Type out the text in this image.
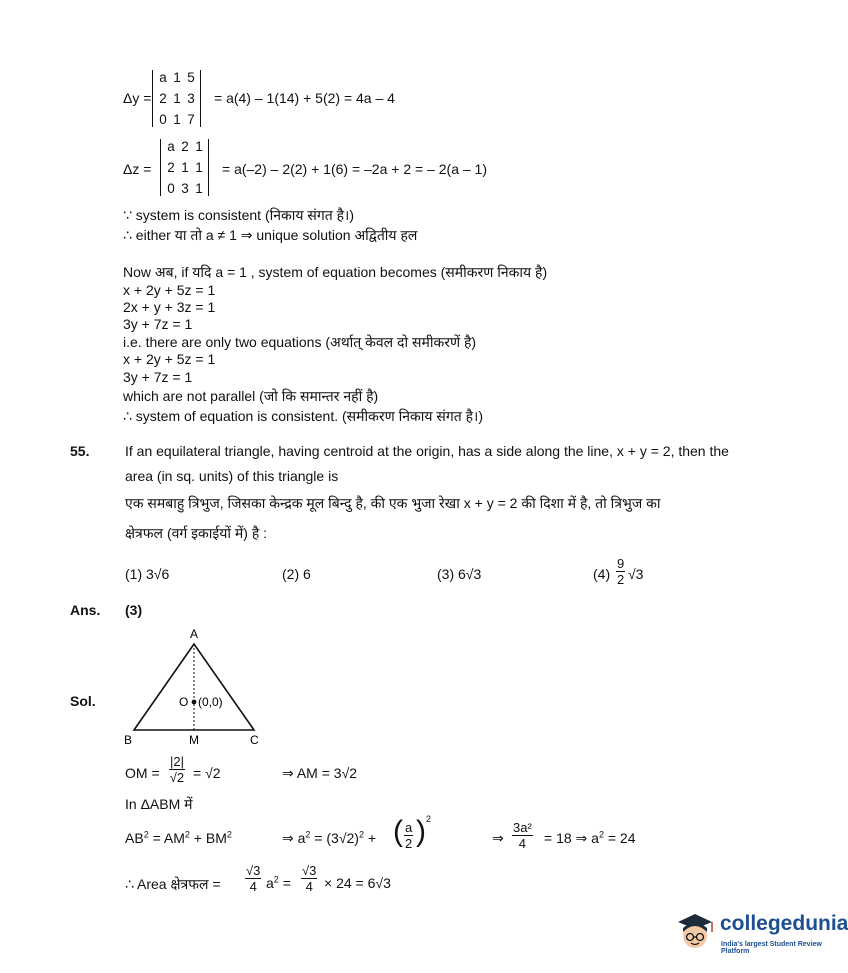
Δy =
a 1 5
2 1 3
0 1 7
= a(4) – 1(14) + 5(2) = 4a – 4
Δz =
a 2 1
2 1 1
0 3 1
= a(–2) – 2(2) + 1(6) = –2a + 2 = – 2(a – 1)
∵ system is consistent (निकाय संगत है।)
∴ either या तो a ≠ 1 ⇒ unique solution अद्वितीय हल
Now अब, if यदि a = 1 , system of equation becomes (समीकरण निकाय है)
x + 2y + 5z = 1
2x + y + 3z = 1
3y + 7z = 1
i.e. there are only two equations (अर्थात् केवल दो समीकरणें है)
x + 2y + 5z = 1
3y + 7z = 1
which are not parallel (जो कि समान्तर नहीं है)
∴ system of equation is consistent. (समीकरण निकाय संगत है।)
55.	If an equilateral triangle, having centroid at the origin, has a side along the line, x + y = 2, then the
area (in sq. units) of this triangle is
एक समबाहु त्रिभुज, जिसका केन्द्रक मूल बिन्दु है, की एक भुजा रेखा x + y = 2 की दिशा में है, तो त्रिभुज का
क्षेत्रफल (वर्ग इकाईयों में) है :
(1) 3√6	(2) 6	(3) 6√3	$(4) \frac{9}{2} √3$
Ans. (3)
Sol.
A
B	C
M
O (0,0)
OM = $\frac{|2|}{√2} = √2$	⇒ AM = 3√2
In ΔABM में
$AB^2 = AM^2 + BM^2$	⇒ $a^2 = (3√2)^2$ + ( $\frac{a}{2}$ ) 2
⇒ $\frac{\text{3a²}}{4} = 18$ ⇒ $a^2 = 24$
∴ Area क्षेत्रफल = $\frac{√3}{4} a^2 = \frac{√3}{4} \times 24 = 6√3$
collegedunia
India's largest Student Review Platform
